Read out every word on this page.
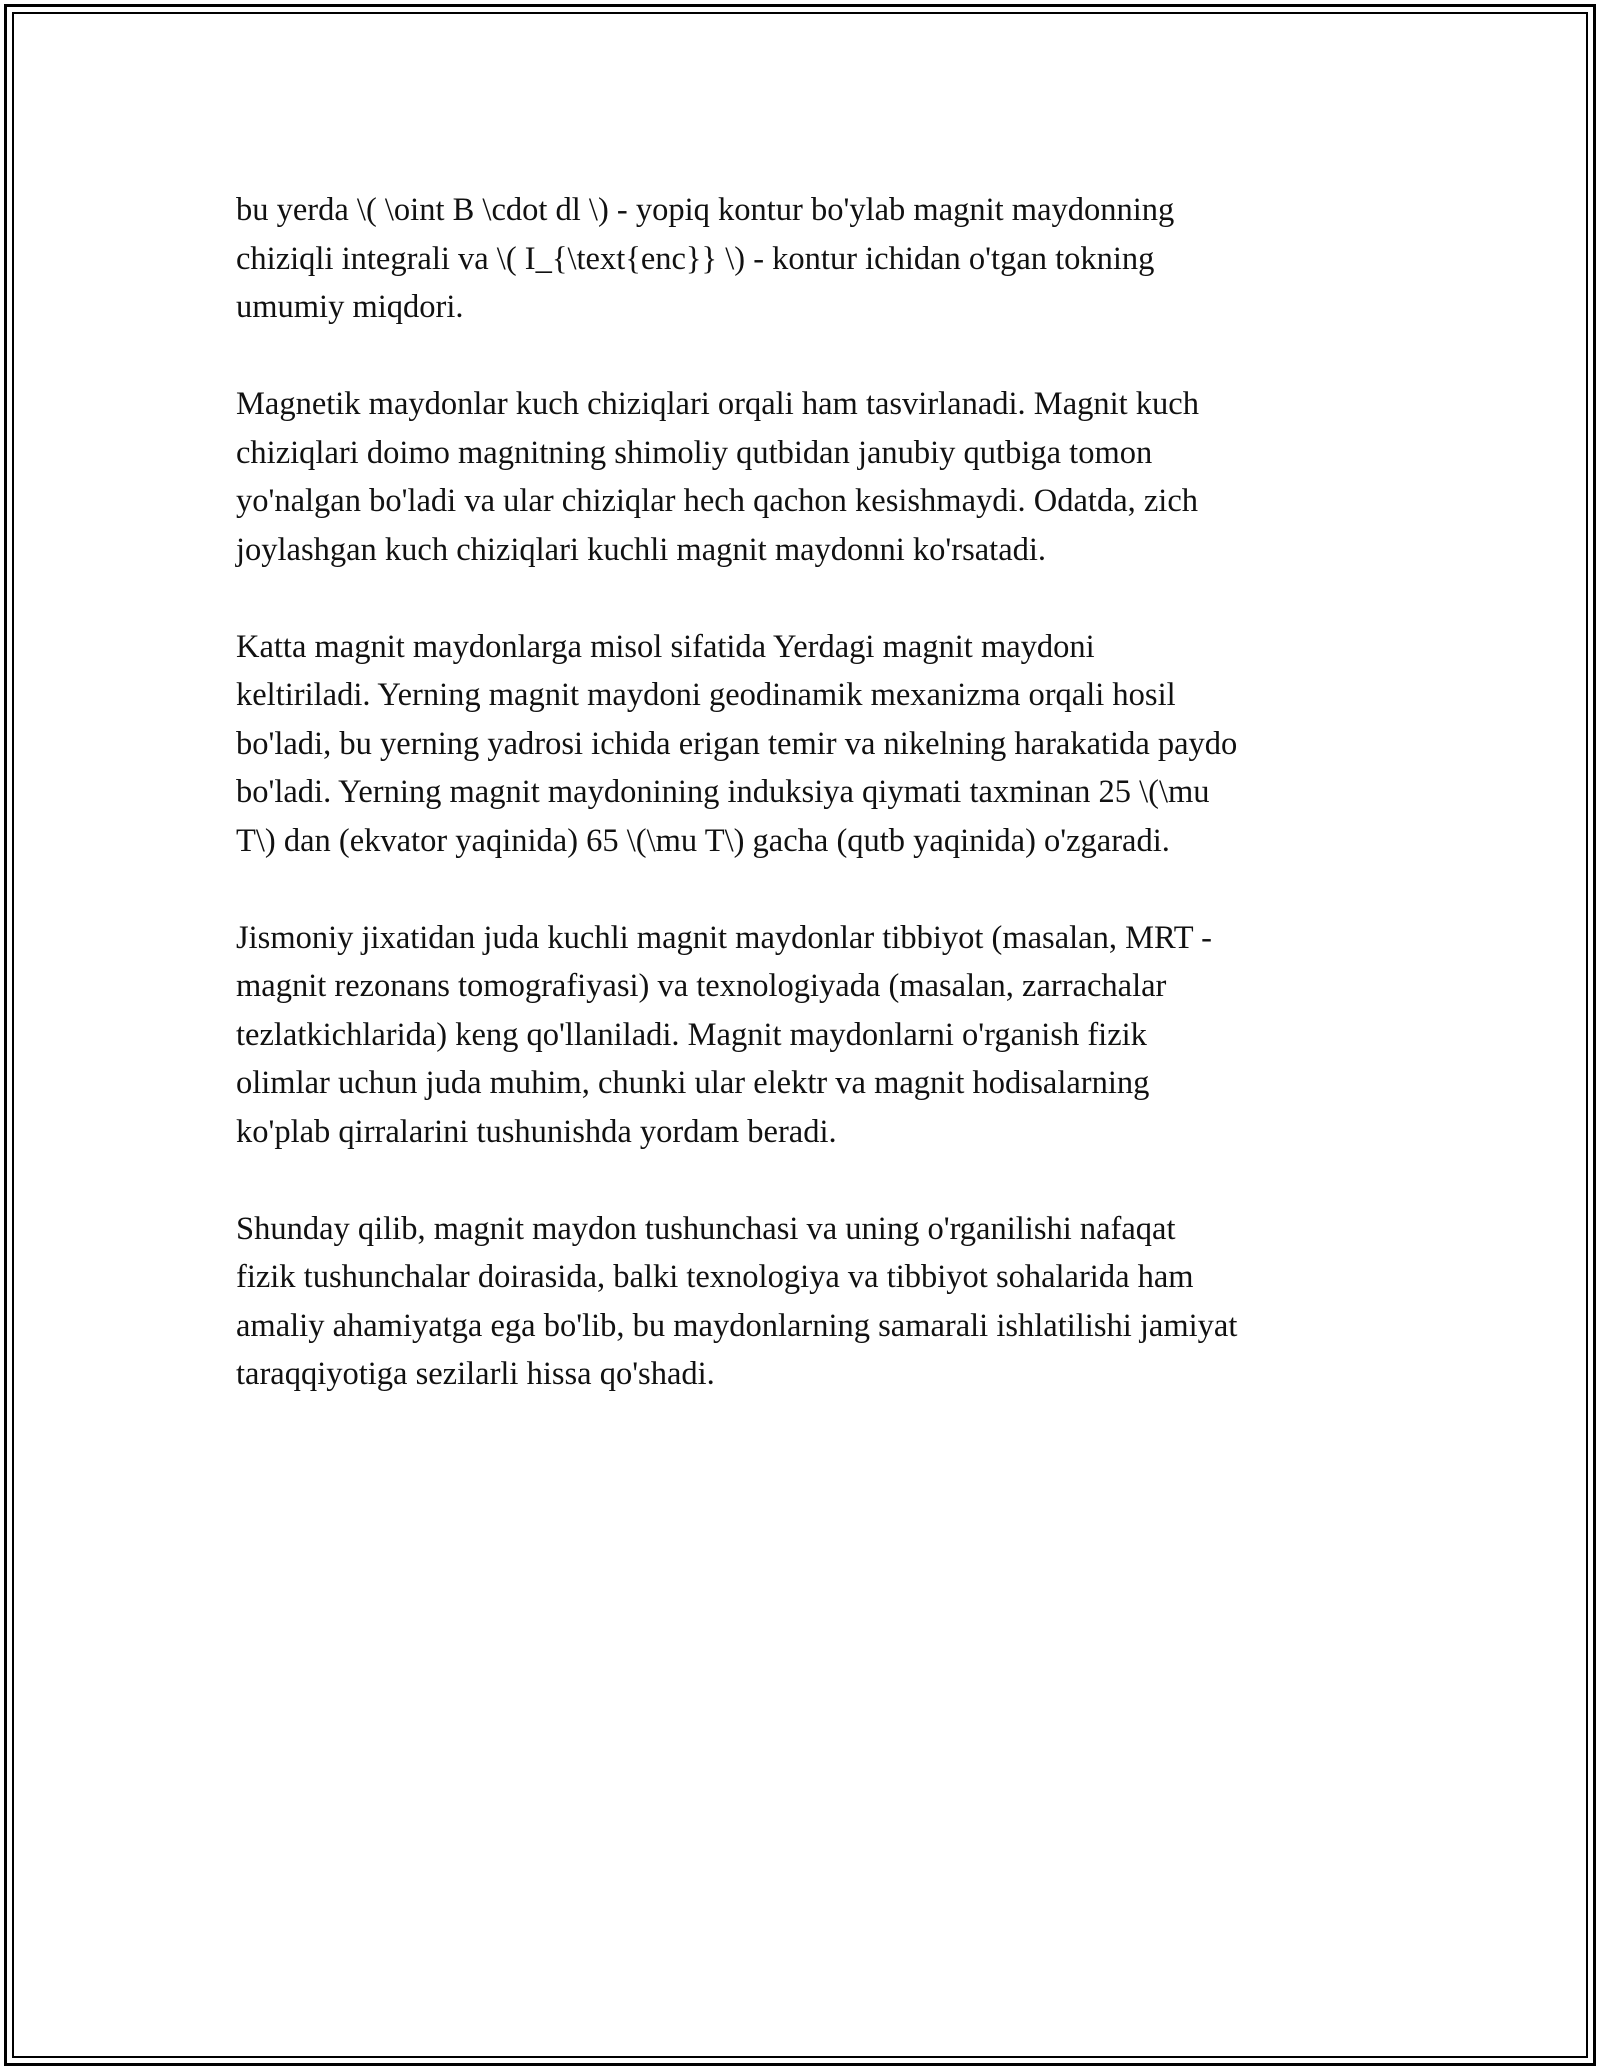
bu yerda \( \oint B \cdot dl \) - yopiq kontur bo'ylab magnit maydonning
chiziqli integrali va \( I_{\text{enc}} \) - kontur ichidan o'tgan tokning
umumiy miqdori.

Magnetik maydonlar kuch chiziqlari orqali ham tasvirlanadi. Magnit kuch
chiziqlari doimo magnitning shimoliy qutbidan janubiy qutbiga tomon
yo'nalgan bo'ladi va ular chiziqlar hech qachon kesishmaydi. Odatda, zich
joylashgan kuch chiziqlari kuchli magnit maydonni ko'rsatadi.

Katta magnit maydonlarga misol sifatida Yerdagi magnit maydoni
keltiriladi. Yerning magnit maydoni geodinamik mexanizma orqali hosil
bo'ladi, bu yerning yadrosi ichida erigan temir va nikelning harakatida paydo
bo'ladi. Yerning magnit maydonining induksiya qiymati taxminan 25 \(\mu
T\) dan (ekvator yaqinida) 65 \(\mu T\) gacha (qutb yaqinida) o'zgaradi.

Jismoniy jixatidan juda kuchli magnit maydonlar tibbiyot (masalan, MRT -
magnit rezonans tomografiyasi) va texnologiyada (masalan, zarrachalar
tezlatkichlarida) keng qo'llaniladi. Magnit maydonlarni o'rganish fizik
olimlar uchun juda muhim, chunki ular elektr va magnit hodisalarning
ko'plab qirralarini tushunishda yordam beradi.

Shunday qilib, magnit maydon tushunchasi va uning o'rganilishi nafaqat
fizik tushunchalar doirasida, balki texnologiya va tibbiyot sohalarida ham
amaliy ahamiyatga ega bo'lib, bu maydonlarning samarali ishlatilishi jamiyat
taraqqiyotiga sezilarli hissa qo'shadi.
